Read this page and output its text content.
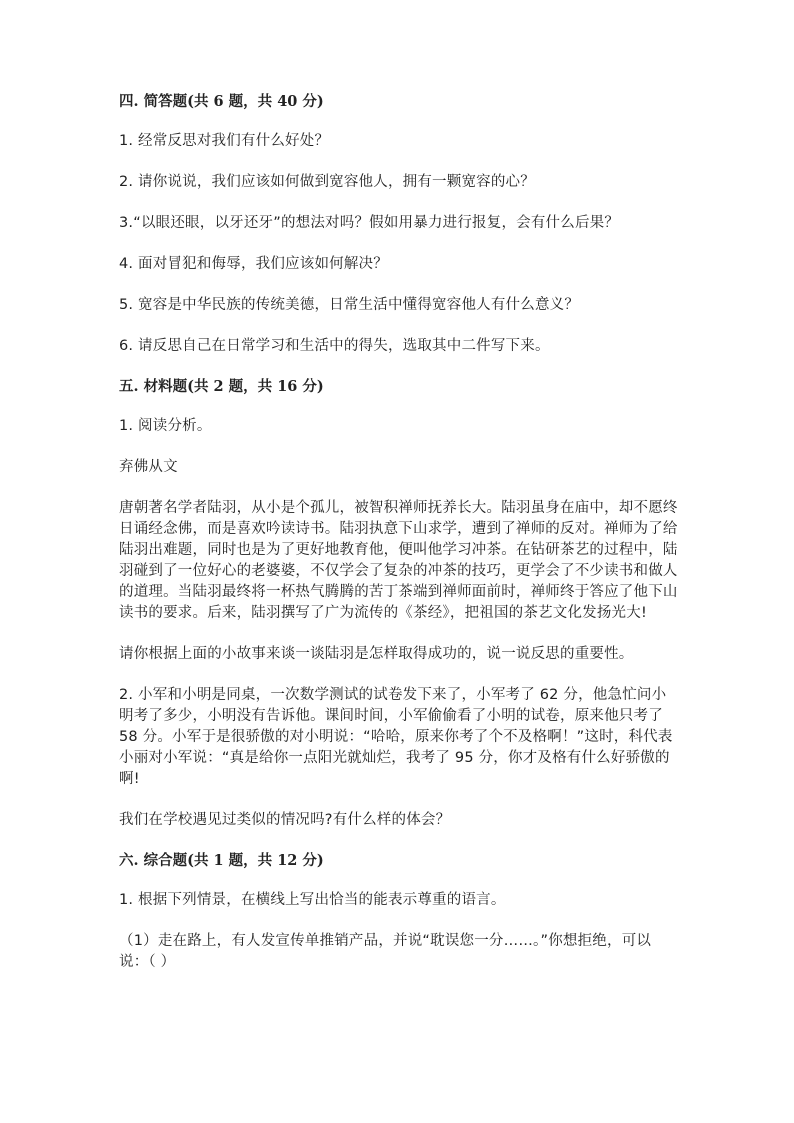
四. 简答题(共 6 题，共 40 分)
1. 经常反思对我们有什么好处？
2. 请你说说，我们应该如何做到宽容他人，拥有一颗宽容的心？
3.“以眼还眼，以牙还牙”的想法对吗？假如用暴力进行报复，会有什么后果？
4. 面对冒犯和侮辱，我们应该如何解决？
5. 宽容是中华民族的传统美德，日常生活中懂得宽容他人有什么意义？
6. 请反思自己在日常学习和生活中的得失，选取其中二件写下来。
五. 材料题(共 2 题，共 16 分)
1. 阅读分析。
弃佛从文
唐朝著名学者陆羽，从小是个孤儿，被智积禅师抚养长大。陆羽虽身在庙中，却不愿终日诵经念佛，而是喜欢吟读诗书。陆羽执意下山求学，遭到了禅师的反对。禅师为了给陆羽出难题，同时也是为了更好地教育他，便叫他学习冲茶。在钻研茶艺的过程中，陆羽碰到了一位好心的老婆婆，不仅学会了复杂的冲茶的技巧，更学会了不少读书和做人的道理。当陆羽最终将一杯热气腾腾的苦丁茶端到禅师面前时，禅师终于答应了他下山读书的要求。后来，陆羽撰写了广为流传的《茶经》，把祖国的茶艺文化发扬光大!
请你根据上面的小故事来谈一谈陆羽是怎样取得成功的，说一说反思的重要性。
2. 小军和小明是同桌，一次数学测试的试卷发下来了，小军考了 62 分，他急忙问小明考了多少，小明没有告诉他。课间时间，小军偷偷看了小明的试卷，原来他只考了 58 分。小军于是很骄傲的对小明说：“哈哈，原来你考了个不及格啊！”这时，科代表小丽对小军说：“真是给你一点阳光就灿烂，我考了 95 分，你才及格有什么好骄傲的啊!
我们在学校遇见过类似的情况吗?有什么样的体会？
六. 综合题(共 1 题，共 12 分)
1. 根据下列情景，在横线上写出恰当的能表示尊重的语言。
（1）走在路上，有人发宣传单推销产品，并说“耽误您一分……。”你想拒绝，可以说：（ ）
